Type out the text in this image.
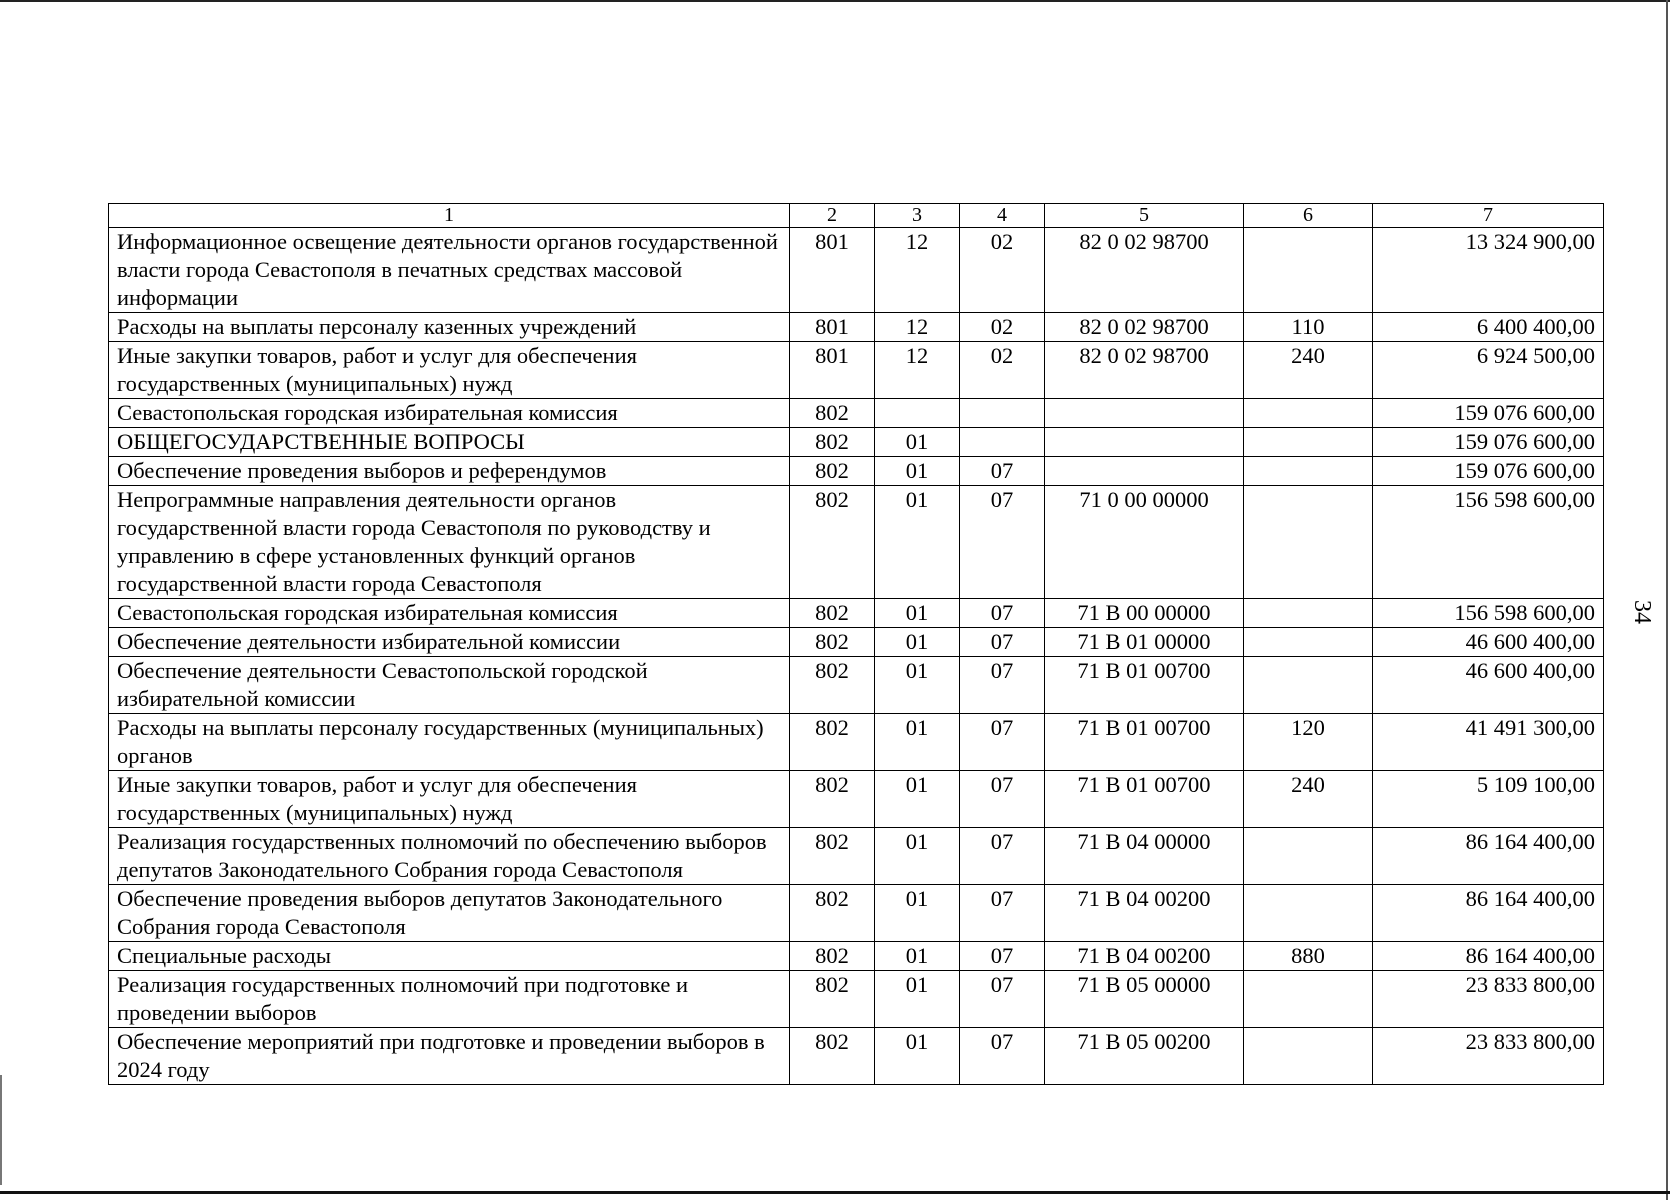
34
1	2	3	4	5	6	7
Информационное освещение деятельности органов государственной власти города Севастополя в печатных средствах массовой информации	801	12	02	82 0 02 98700		13 324 900,00
Расходы на выплаты персоналу казенных учреждений	801	12	02	82 0 02 98700	110	6 400 400,00
Иные закупки товаров, работ и услуг для обеспечения государственных (муниципальных) нужд	801	12	02	82 0 02 98700	240	6 924 500,00
Севастопольская городская избирательная комиссия	802					159 076 600,00
ОБЩЕГОСУДАРСТВЕННЫЕ ВОПРОСЫ	802	01				159 076 600,00
Обеспечение проведения выборов и референдумов	802	01	07			159 076 600,00
Непрограммные направления деятельности органов государственной власти города Севастополя по руководству и управлению в сфере установленных функций органов государственной власти города Севастополя	802	01	07	71 0 00 00000		156 598 600,00
Севастопольская городская избирательная комиссия	802	01	07	71 В 00 00000		156 598 600,00
Обеспечение деятельности избирательной комиссии	802	01	07	71 В 01 00000		46 600 400,00
Обеспечение деятельности Севастопольской городской избирательной комиссии	802	01	07	71 В 01 00700		46 600 400,00
Расходы на выплаты персоналу государственных (муниципальных) органов	802	01	07	71 В 01 00700	120	41 491 300,00
Иные закупки товаров, работ и услуг для обеспечения государственных (муниципальных) нужд	802	01	07	71 В 01 00700	240	5 109 100,00
Реализация государственных полномочий по обеспечению выборов депутатов Законодательного Собрания города Севастополя	802	01	07	71 В 04 00000		86 164 400,00
Обеспечение проведения выборов депутатов Законодательного Собрания города Севастополя	802	01	07	71 В 04 00200		86 164 400,00
Специальные расходы	802	01	07	71 В 04 00200	880	86 164 400,00
Реализация государственных полномочий при подготовке и проведении выборов	802	01	07	71 В 05 00000		23 833 800,00
Обеспечение мероприятий при подготовке и проведении выборов в 2024 году	802	01	07	71 В 05 00200		23 833 800,00
